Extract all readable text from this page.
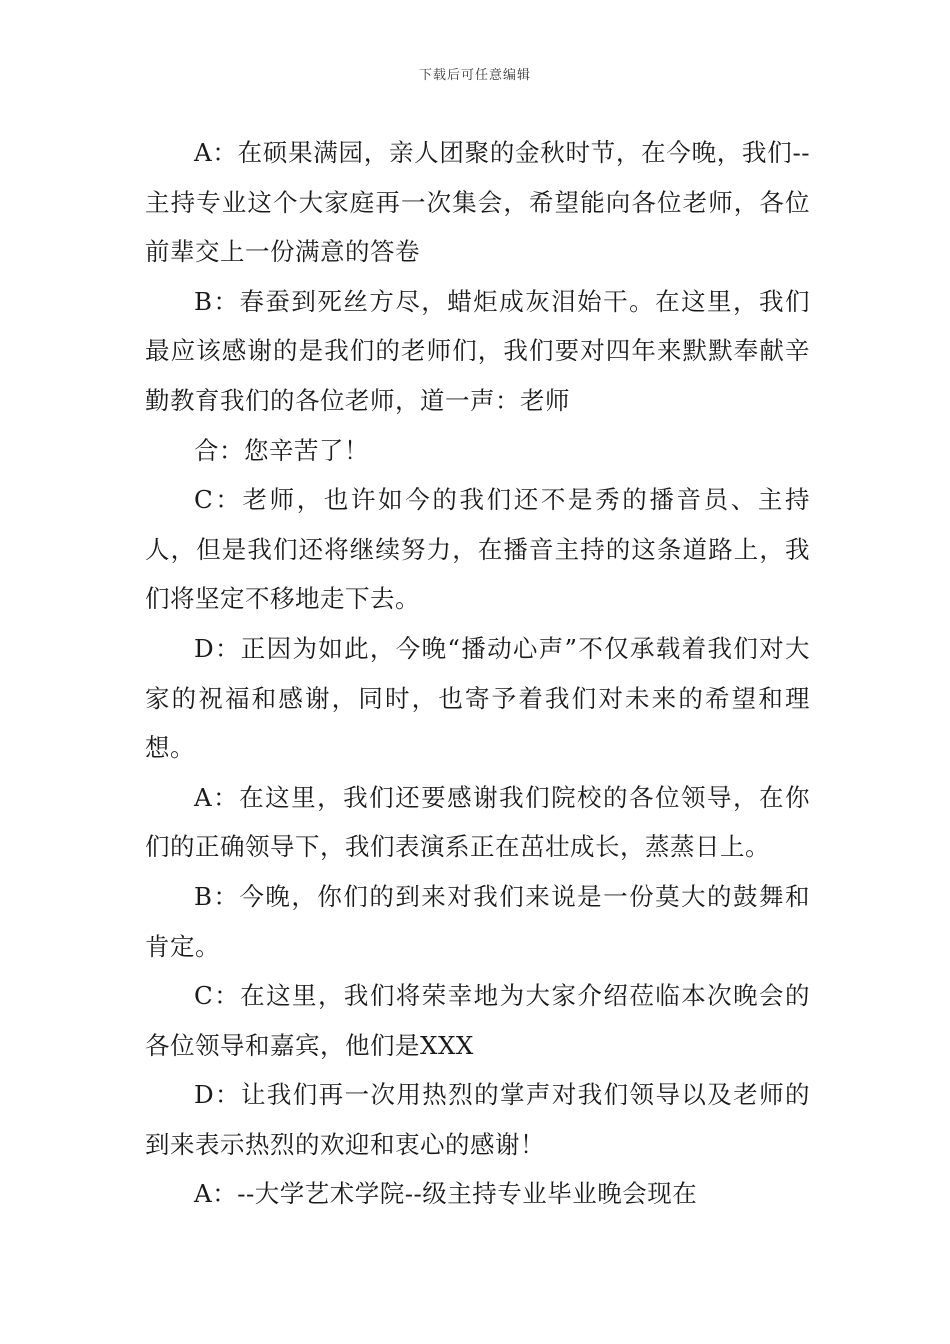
下载后可任意编辑

A：在硕果满园，亲人团聚的金秋时节，在今晚，我们--主持专业这个大家庭再一次集会，希望能向各位老师，各位前辈交上一份满意的答卷

B：春蚕到死丝方尽，蜡炬成灰泪始干。在这里，我们最应该感谢的是我们的老师们，我们要对四年来默默奉献辛勤教育我们的各位老师，道一声：老师

合：您辛苦了！

C：老师，也许如今的我们还不是秀的播音员、主持人，但是我们还将继续努力，在播音主持的这条道路上，我们将坚定不移地走下去。

D：正因为如此，今晚“播动心声”不仅承载着我们对大家的祝福和感谢，同时，也寄予着我们对未来的希望和理想。

A：在这里，我们还要感谢我们院校的各位领导，在你们的正确领导下，我们表演系正在茁壮成长，蒸蒸日上。

B：今晚，你们的到来对我们来说是一份莫大的鼓舞和肯定。

C：在这里，我们将荣幸地为大家介绍莅临本次晚会的各位领导和嘉宾，他们是XXX

D：让我们再一次用热烈的掌声对我们领导以及老师的到来表示热烈的欢迎和衷心的感谢！

A：--大学艺术学院--级主持专业毕业晚会现在
